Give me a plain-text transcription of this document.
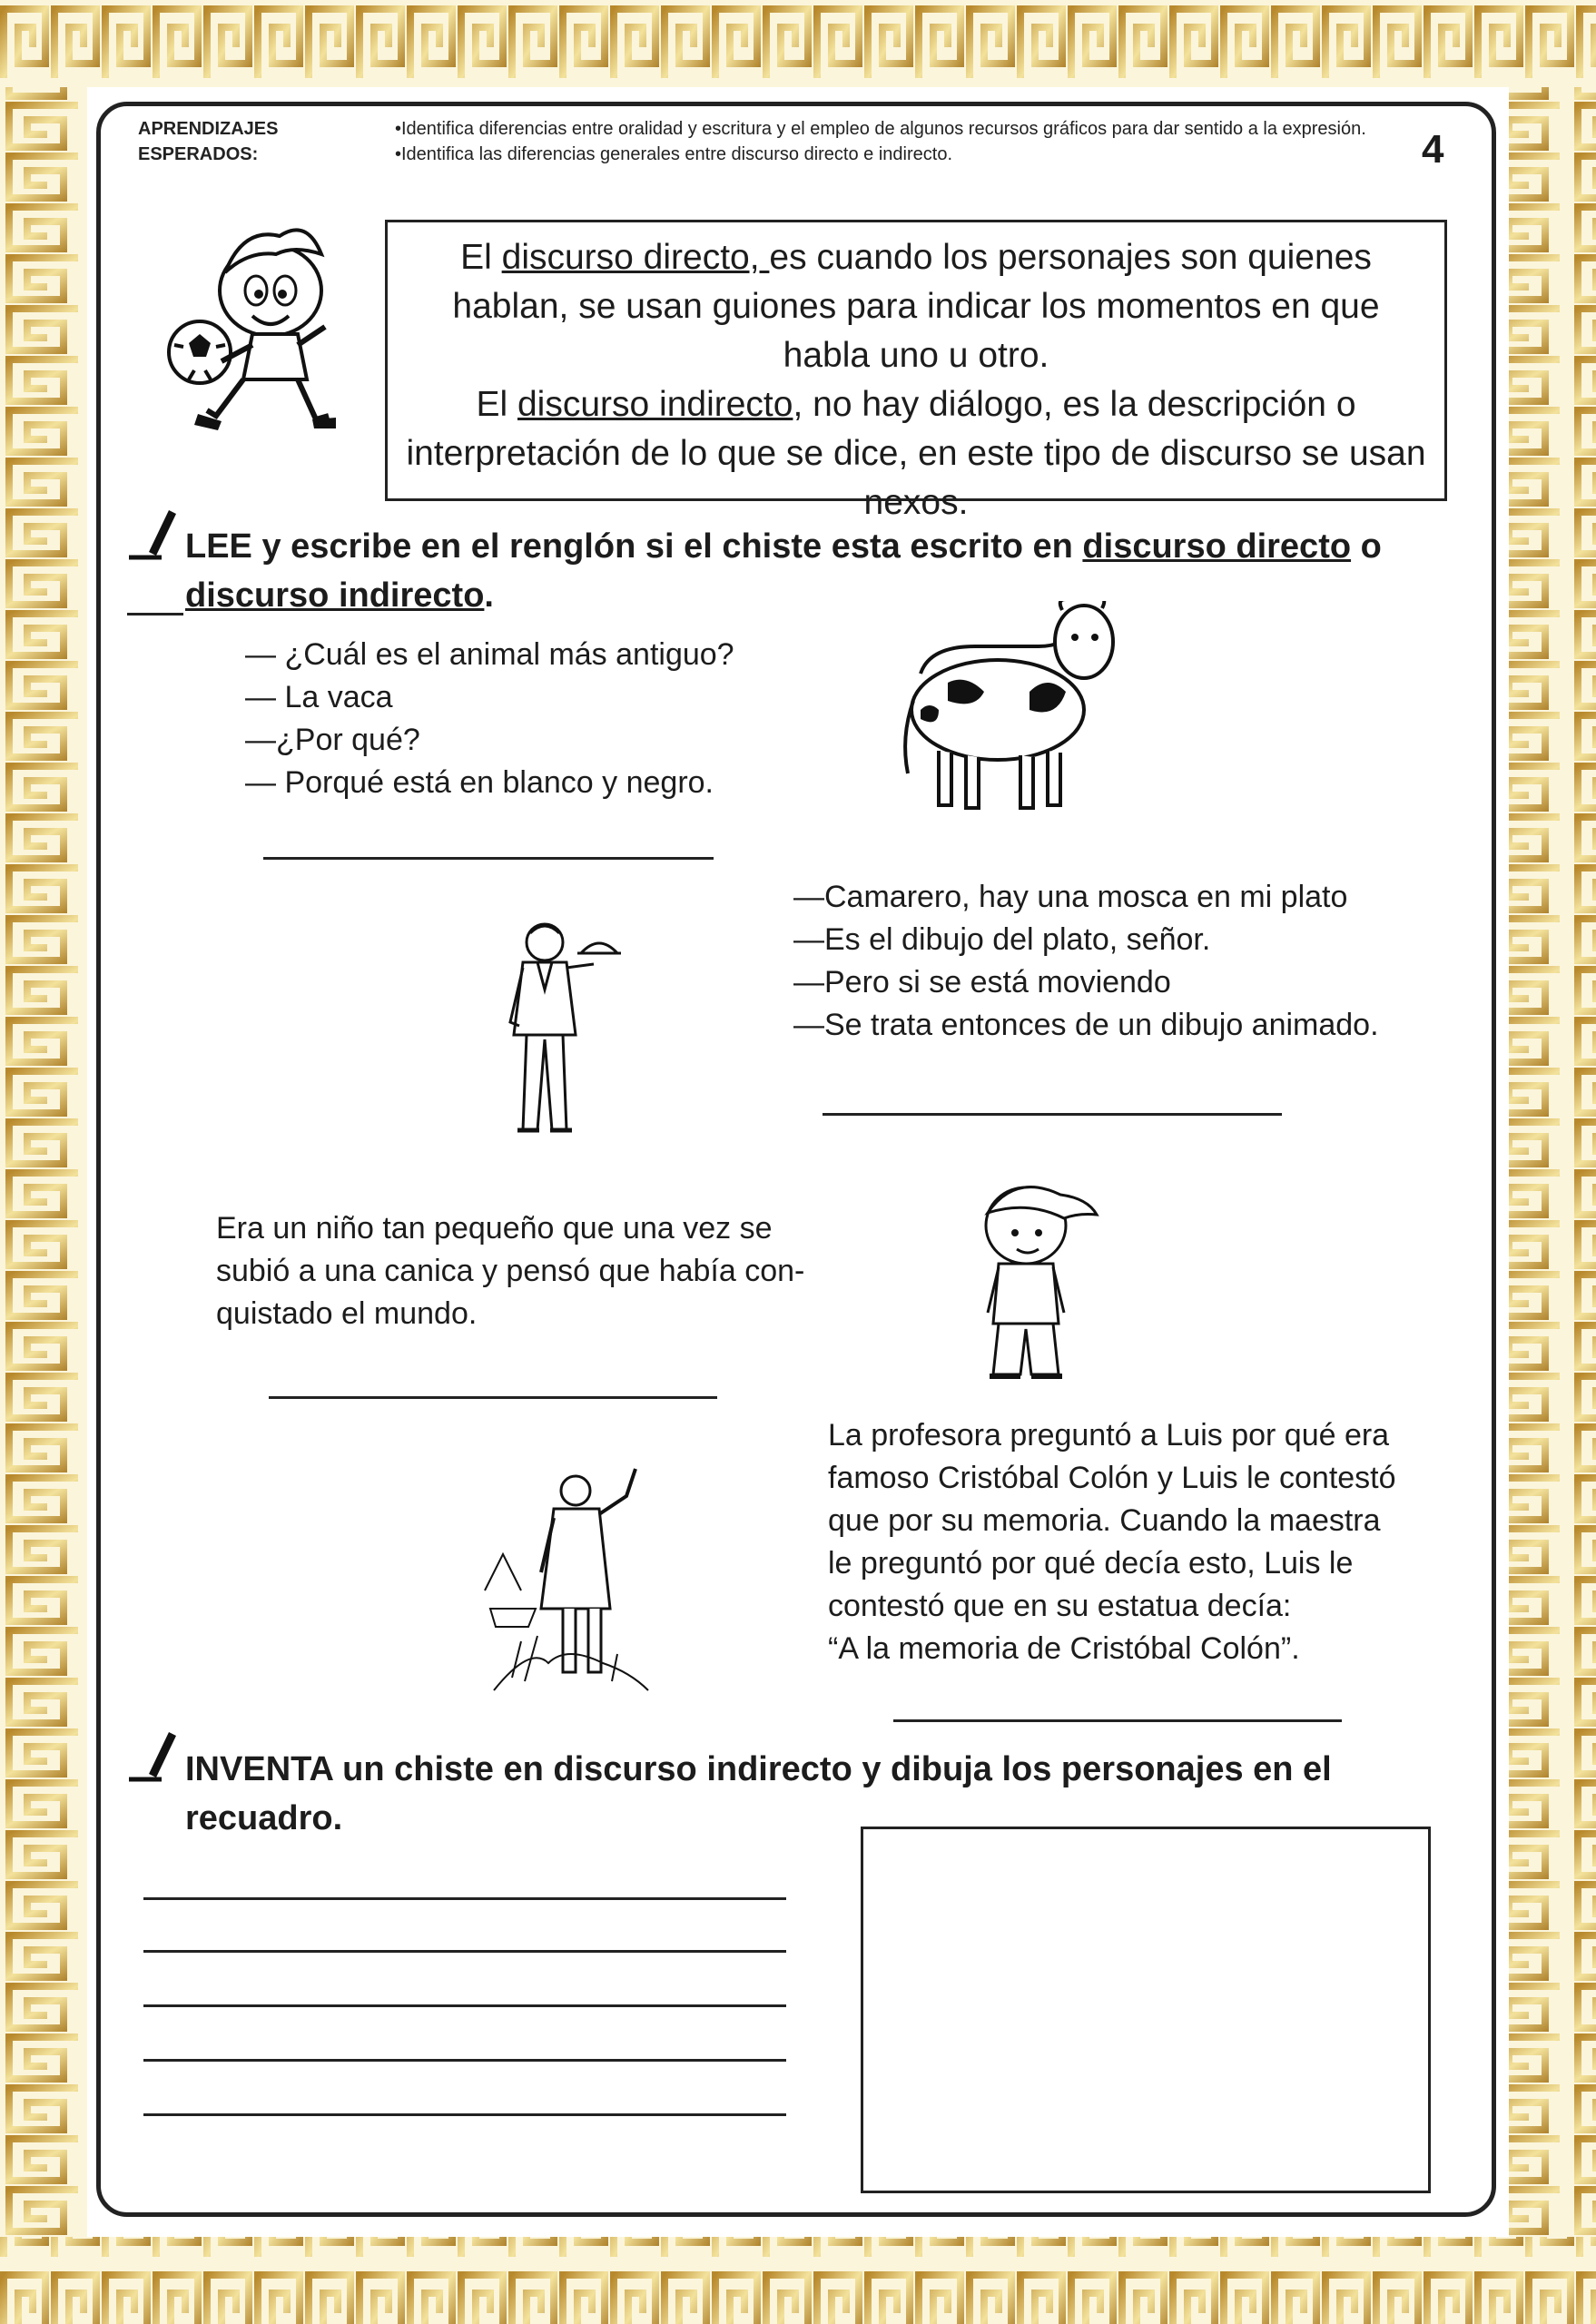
APRENDIZAJES ESPERADOS:•Identifica diferencias entre oralidad y escritura y el empleo de algunos recursos gráficos para dar sentido a la expresión.
•Identifica las diferencias generales entre discurso directo e indirecto.	4
El discurso directo, es cuando los personajes son quienes hablan, se usan guiones para indicar los momentos en que habla uno u otro.
El discurso indirecto, no hay diálogo, es la descripción o interpretación de lo que se dice, en este tipo de discurso se usan nexos.
LEE y escribe en el renglón si el chiste esta escrito en discurso directo o discurso indirecto.
— ¿Cuál es el animal más antiguo?
— La vaca
—¿Por qué?
— Porqué está en blanco y negro.
—Camarero, hay una mosca en mi plato
—Es el dibujo del plato, señor.
—Pero si se está moviendo
—Se trata entonces de un dibujo animado.
Era un niño tan pequeño que una vez se
subió a una canica y pensó que había con-
quistado el mundo.
La profesora preguntó a Luis por qué era
famoso Cristóbal Colón y Luis le contestó
que por su memoria. Cuando la maestra
le preguntó por qué decía esto, Luis le
contestó que en su estatua decía:
“A la memoria de Cristóbal Colón”.
INVENTA un chiste en discurso indirecto y dibuja los personajes en el recuadro.
